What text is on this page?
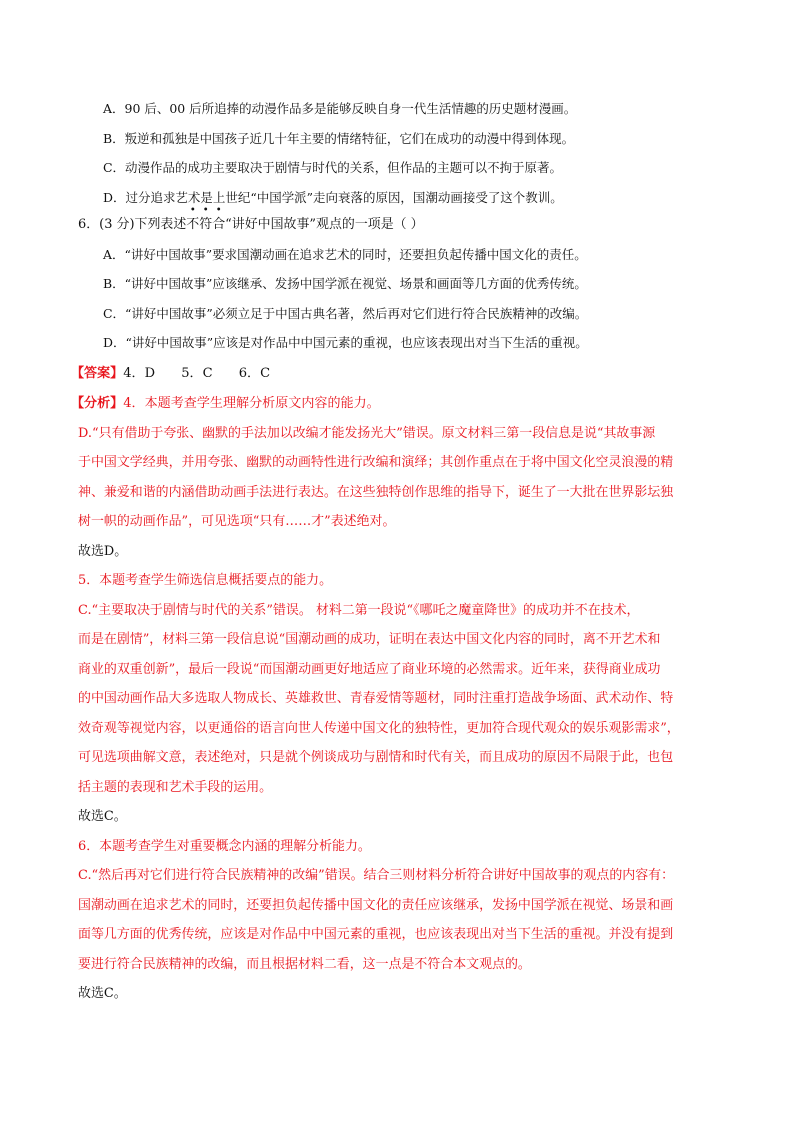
A．90 后、00 后所追捧的动漫作品多是能够反映自身一代生活情趣的历史题材漫画。
B．叛逆和孤独是中国孩子近几十年主要的情绪特征，它们在成功的动漫中得到体现。
C．动漫作品的成功主要取决于剧情与时代的关系，但作品的主题可以不拘于原著。
D．过分追求艺术是上世纪“中国学派”走向衰落的原因，国潮动画接受了这个教训。
6．(3 分)下列表述不符合“讲好中国故事”观点的一项是（ ）
A．“讲好中国故事”要求国潮动画在追求艺术的同时，还要担负起传播中国文化的责任。
B．“讲好中国故事”应该继承、发扬中国学派在视觉、场景和画面等几方面的优秀传统。
C．“讲好中国故事”必须立足于中国古典名著，然后再对它们进行符合民族精神的改编。
D．“讲好中国故事”应该是对作品中中国元素的重视，也应该表现出对当下生活的重视。
【答案】4．D　　5．C　　6．C
【分析】4．本题考查学生理解分析原文内容的能力。
D.“只有借助于夸张、幽默的手法加以改编才能发扬光大”错误。原文材料三第一段信息是说“其故事源
于中国文学经典，并用夸张、幽默的动画特性进行改编和演绎；其创作重点在于将中国文化空灵浪漫的精
神、兼爱和谐的内涵借助动画手法进行表达。在这些独特创作思维的指导下，诞生了一大批在世界影坛独
树一帜的动画作品”，可见选项“只有……才”表述绝对。
故选D。
5．本题考查学生筛选信息概括要点的能力。
C.“主要取决于剧情与时代的关系”错误。 材料二第一段说“《哪吒之魔童降世》的成功并不在技术，
而是在剧情”，材料三第一段信息说“国潮动画的成功，证明在表达中国文化内容的同时，离不开艺术和
商业的双重创新”，最后一段说“而国潮动画更好地适应了商业环境的必然需求。近年来，获得商业成功
的中国动画作品大多选取人物成长、英雄救世、青春爱情等题材，同时注重打造战争场面、武术动作、特
效奇观等视觉内容，以更通俗的语言向世人传递中国文化的独特性，更加符合现代观众的娱乐观影需求”，
可见选项曲解文意，表述绝对，只是就个例谈成功与剧情和时代有关，而且成功的原因不局限于此，也包
括主题的表现和艺术手段的运用。
故选C。
6．本题考查学生对重要概念内涵的理解分析能力。
C.“然后再对它们进行符合民族精神的改编”错误。结合三则材料分析符合讲好中国故事的观点的内容有：
国潮动画在追求艺术的同时，还要担负起传播中国文化的责任应该继承，发扬中国学派在视觉、场景和画
面等几方面的优秀传统，应该是对作品中中国元素的重视，也应该表现出对当下生活的重视。并没有提到
要进行符合民族精神的改编，而且根据材料二看，这一点是不符合本文观点的。
故选C。
